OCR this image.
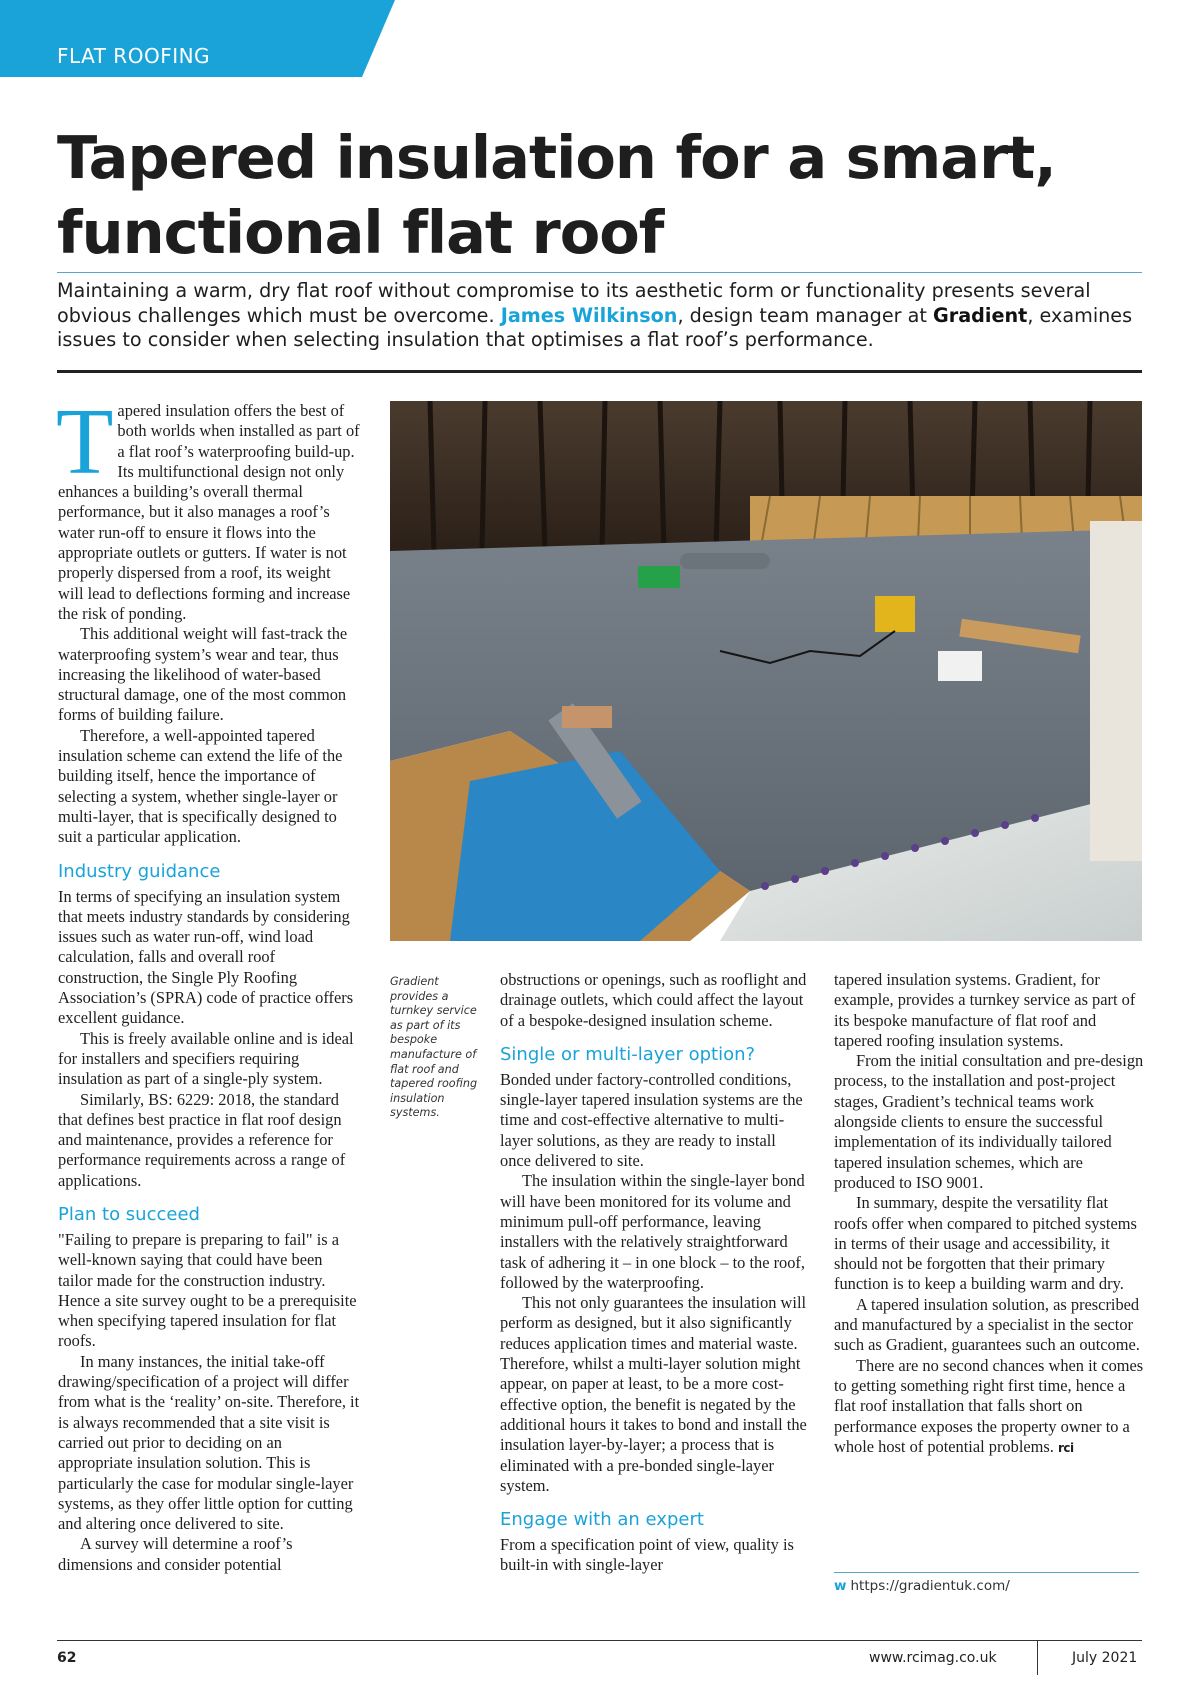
FLAT ROOFING
Tapered insulation for a smart,
functional flat roof

Maintaining a warm, dry flat roof without compromise to its aesthetic form or functionality presents several obvious challenges which must be overcome. James Wilkinson, design team manager at Gradient, examines issues to consider when selecting insulation that optimises a flat roof’s performance.

Tapered insulation offers the best of both worlds when installed as part of a flat roof’s waterproofing build-up. Its multifunctional design not only enhances a building’s overall thermal performance, but it also manages a roof’s water run-off to ensure it flows into the appropriate outlets or gutters. If water is not properly dispersed from a roof, its weight will lead to deflections forming and increase the risk of ponding.

This additional weight will fast-track the waterproofing system’s wear and tear, thus increasing the likelihood of water-based structural damage, one of the most common forms of building failure.

Therefore, a well-appointed tapered insulation scheme can extend the life of the building itself, hence the importance of selecting a system, whether single-layer or multi-layer, that is specifically designed to suit a particular application.

Industry guidance

In terms of specifying an insulation system that meets industry standards by considering issues such as water run-off, wind load calculation, falls and overall roof construction, the Single Ply Roofing Association’s (SPRA) code of practice offers excellent guidance.

This is freely available online and is ideal for installers and specifiers requiring insulation as part of a single-ply system.

Similarly, BS: 6229: 2018, the standard that defines best practice in flat roof design and maintenance, provides a reference for performance requirements across a range of applications.

Plan to succeed

"Failing to prepare is preparing to fail" is a well-known saying that could have been tailor made for the construction industry. Hence a site survey ought to be a prerequisite when specifying tapered insulation for flat roofs.

In many instances, the initial take-off drawing/specification of a project will differ from what is the ‘reality’ on-site. Therefore, it is always recommended that a site visit is carried out prior to deciding on an appropriate insulation solution. This is particularly the case for modular single-layer systems, as they offer little option for cutting and altering once delivered to site.

A survey will determine a roof’s dimensions and consider potential

Gradient provides a turnkey service as part of its bespoke manufacture of flat roof and tapered roofing insulation systems.

obstructions or openings, such as rooflight and drainage outlets, which could affect the layout of a bespoke-designed insulation scheme.

Single or multi-layer option?

Bonded under factory-controlled conditions, single-layer tapered insulation systems are the time and cost-effective alternative to multi-layer solutions, as they are ready to install once delivered to site.

The insulation within the single-layer bond will have been monitored for its volume and minimum pull-off performance, leaving installers with the relatively straightforward task of adhering it – in one block – to the roof, followed by the waterproofing.

This not only guarantees the insulation will perform as designed, but it also significantly reduces application times and material waste. Therefore, whilst a multi-layer solution might appear, on paper at least, to be a more cost-effective option, the benefit is negated by the additional hours it takes to bond and install the insulation layer-by-layer; a process that is eliminated with a pre-bonded single-layer system.

Engage with an expert

From a specification point of view, quality is built-in with single-layer

tapered insulation systems. Gradient, for example, provides a turnkey service as part of its bespoke manufacture of flat roof and tapered roofing insulation systems.

From the initial consultation and pre-design process, to the installation and post-project stages, Gradient’s technical teams work alongside clients to ensure the successful implementation of its individually tailored tapered insulation schemes, which are produced to ISO 9001.

In summary, despite the versatility flat roofs offer when compared to pitched systems in terms of their usage and accessibility, it should not be forgotten that their primary function is to keep a building warm and dry.

A tapered insulation solution, as prescribed and manufactured by a specialist in the sector such as Gradient, guarantees such an outcome.

There are no second chances when it comes to getting something right first time, hence a flat roof installation that falls short on performance exposes the property owner to a whole host of potential problems. rci

w https://gradientuk.com/
62	www.rcimag.co.uk	July 2021
